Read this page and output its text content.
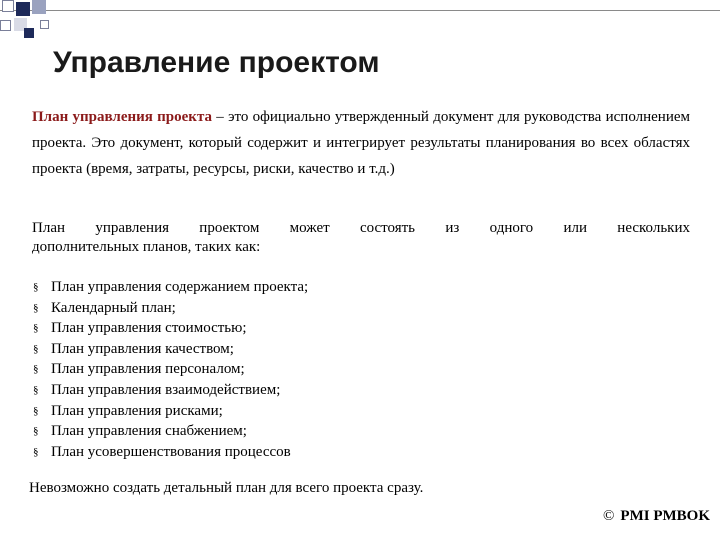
Управление проектом
План управления проекта – это официально утвержденный документ для руководства исполнением проекта. Это документ, который содержит и интегрирует результаты планирования во всех областях проекта (время, затраты, ресурсы, риски, качество и т.д.)
План управления проектом может состоять из одного или нескольких
дополнительных планов, таких как:
§ План управления содержанием проекта;
§ Календарный план;
§ План управления стоимостью;
§ План управления качеством;
§ План управления персоналом;
§ План управления взаимодействием;
§ План управления рисками;
§ План управления снабжением;
§ План усовершенствования процессов
Невозможно создать детальный план для всего проекта сразу.
© PMI PMBOK
